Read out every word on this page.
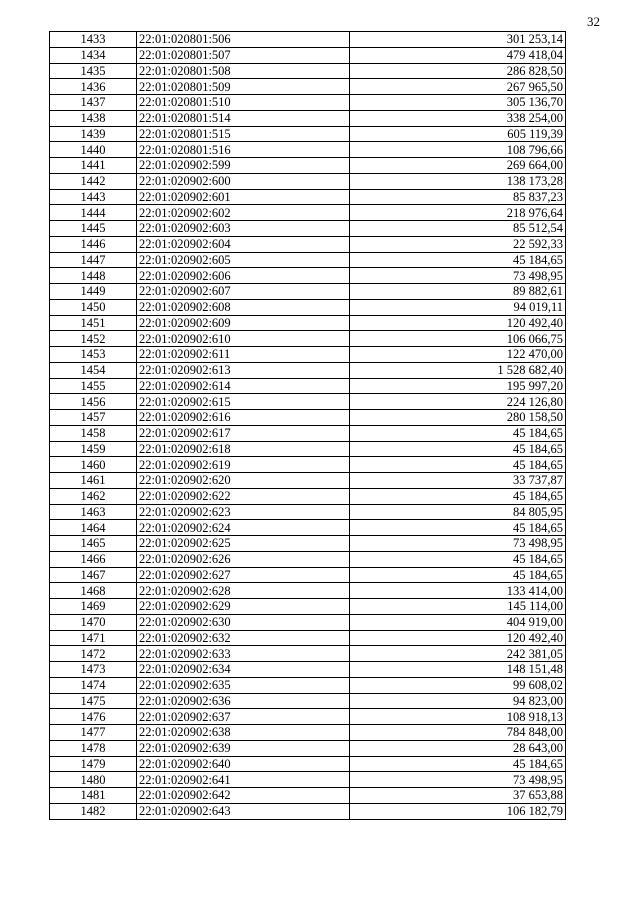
32
1433	22:01:020801:506	301 253,14
1434	22:01:020801:507	479 418,04
1435	22:01:020801:508	286 828,50
1436	22:01:020801:509	267 965,50
1437	22:01:020801:510	305 136,70
1438	22:01:020801:514	338 254,00
1439	22:01:020801:515	605 119,39
1440	22:01:020801:516	108 796,66
1441	22:01:020902:599	269 664,00
1442	22:01:020902:600	138 173,28
1443	22:01:020902:601	85 837,23
1444	22:01:020902:602	218 976,64
1445	22:01:020902:603	85 512,54
1446	22:01:020902:604	22 592,33
1447	22:01:020902:605	45 184,65
1448	22:01:020902:606	73 498,95
1449	22:01:020902:607	89 882,61
1450	22:01:020902:608	94 019,11
1451	22:01:020902:609	120 492,40
1452	22:01:020902:610	106 066,75
1453	22:01:020902:611	122 470,00
1454	22:01:020902:613	1 528 682,40
1455	22:01:020902:614	195 997,20
1456	22:01:020902:615	224 126,80
1457	22:01:020902:616	280 158,50
1458	22:01:020902:617	45 184,65
1459	22:01:020902:618	45 184,65
1460	22:01:020902:619	45 184,65
1461	22:01:020902:620	33 737,87
1462	22:01:020902:622	45 184,65
1463	22:01:020902:623	84 805,95
1464	22:01:020902:624	45 184,65
1465	22:01:020902:625	73 498,95
1466	22:01:020902:626	45 184,65
1467	22:01:020902:627	45 184,65
1468	22:01:020902:628	133 414,00
1469	22:01:020902:629	145 114,00
1470	22:01:020902:630	404 919,00
1471	22:01:020902:632	120 492,40
1472	22:01:020902:633	242 381,05
1473	22:01:020902:634	148 151,48
1474	22:01:020902:635	99 608,02
1475	22:01:020902:636	94 823,00
1476	22:01:020902:637	108 918,13
1477	22:01:020902:638	784 848,00
1478	22:01:020902:639	28 643,00
1479	22:01:020902:640	45 184,65
1480	22:01:020902:641	73 498,95
1481	22:01:020902:642	37 653,88
1482	22:01:020902:643	106 182,79
